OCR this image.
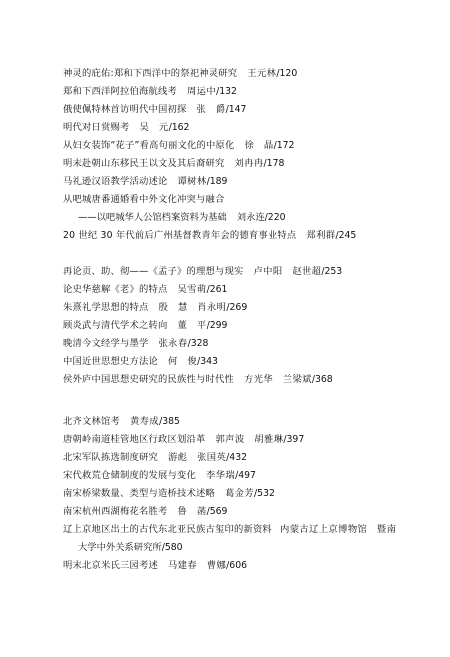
神灵的庇佑:郑和下西洋中的祭祀神灵研究 王元林/120
郑和下西洋阿拉伯海航线考 周运中/132
俄使佩特林首访明代中国初探 张　爵/147
明代对日赏赐考 吴　元/162
从妇女装饰“花子”看高句丽文化的中原化 徐　晶/172
明末赴朝山东移民王以文及其后裔研究 刘冉冉/178
马礼逊汉语教学活动述论 谭树林/189
从吧城唐番通婚看中外文化冲突与融合
——以吧城华人公馆档案资料为基础 刘永连/220
20 世纪 30 年代前后广州基督教青年会的德育事业特点 郑利群/245
再论贡、助、彻——《孟子》的理想与现实 卢中阳　赵世超/253
论史华慈解《老》的特点 吴雪萌/261
朱熹礼学思想的特点 殷　慧　肖永明/269
顾炎武与清代学术之转向 董　平/299
晚清今文经学与墨学 张永春/328
中国近世思想史方法论 何　俊/343
侯外庐中国思想史研究的民族性与时代性 方光华　兰梁斌/368
北齐文林馆考 黄寿成/385
唐朝岭南道桂管地区行政区划沿革 郭声波　胡雅琳/397
北宋军队拣选制度研究 游彪　张国英/432
宋代救荒仓储制度的发展与变化 李华瑞/497
南宋桥梁数量、类型与造桥技术述略 葛金芳/532
南宋杭州西湖梅花名胜考 鲁　菡/569
辽上京地区出土的古代东北亚民族古玺印的新资料 内蒙古辽上京博物馆　暨南
大学中外关系研究所/580
明末北京米氏三园考述 马建春　曹娜/606
